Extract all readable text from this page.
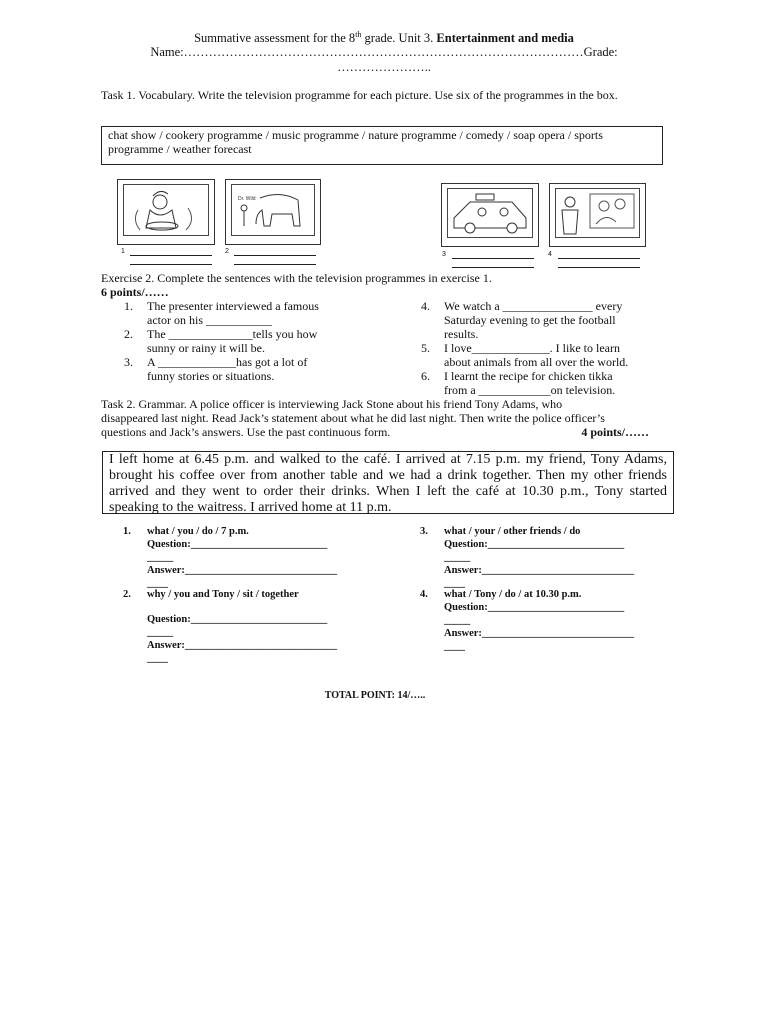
Summative assessment for the 8th grade. Unit 3. Entertainment and media
Name:……………………………………………………………………………………Grade:
…………………..
Task 1. Vocabulary. Write the television programme for each picture. Use six of the programmes in the box.
chat show / cookery programme / music programme / nature programme / comedy / soap opera / sports
programme / weather forecast
Dr. Wild
1	2	3	4
Exercise 2. Complete the sentences with the television programmes in exercise 1.
6 points/……
1. The presenter interviewed a famous
actor on his ___________
2. The ______________tells you how
sunny or rainy it will be.
3. A _____________has got a lot of
funny stories or situations.
4. We watch a _______________ every
Saturday evening to get the football
results.
5. I love_____________. I like to learn
about animals from all over the world.
6. I learnt the recipe for chicken tikka
from a ____________on television.
Task 2. Grammar. A police officer is interviewing Jack Stone about his friend Tony Adams, who
disappeared last night. Read Jack’s statement about what he did last night. Then write the police officer’s
questions and Jack’s answers. Use the past continuous form.	4 points/……
I left home at 6.45 p.m. and walked to the café. I arrived at 7.15 p.m. my friend, Tony Adams,
brought his coffee over from another table and we had a drink together. Then my other friends
arrived and they went to order their drinks. When I left the café at 10.30 p.m., Tony started
speaking to the waitress. I arrived home at 11 p.m.
1. what / you / do / 7 p.m.
Question:__________________________
_____
Answer:_____________________________
____
2. why / you and Tony / sit / together
Question:__________________________
_____
Answer:_____________________________
____
3. what / your / other friends / do
Question:__________________________
_____
Answer:_____________________________
____
4. what / Tony / do / at 10.30 p.m.
Question:__________________________
_____
Answer:_____________________________
____
TOTAL POINT: 14/…..
